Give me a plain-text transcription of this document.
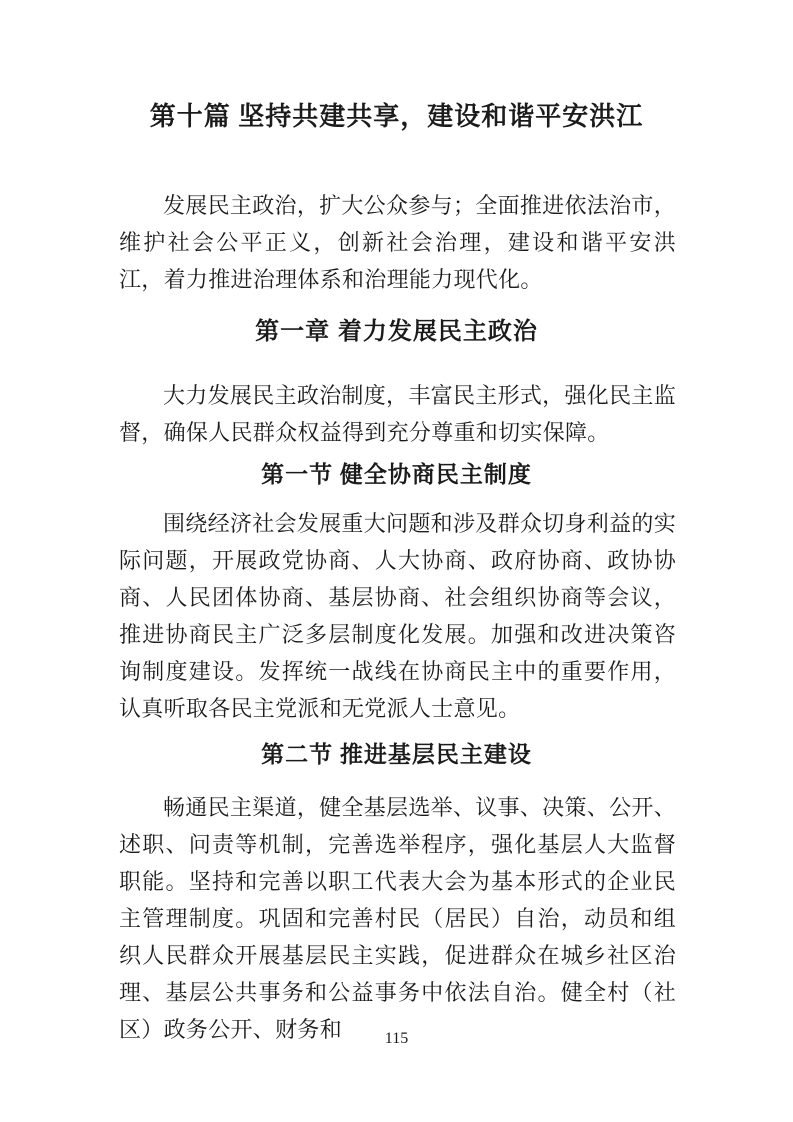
第十篇 坚持共建共享，建设和谐平安洪江
发展民主政治，扩大公众参与；全面推进依法治市，维护社会公平正义，创新社会治理，建设和谐平安洪江，着力推进治理体系和治理能力现代化。
第一章 着力发展民主政治
大力发展民主政治制度，丰富民主形式，强化民主监督，确保人民群众权益得到充分尊重和切实保障。
第一节 健全协商民主制度
围绕经济社会发展重大问题和涉及群众切身利益的实际问题，开展政党协商、人大协商、政府协商、政协协商、人民团体协商、基层协商、社会组织协商等会议，推进协商民主广泛多层制度化发展。加强和改进决策咨询制度建设。发挥统一战线在协商民主中的重要作用，认真听取各民主党派和无党派人士意见。
第二节 推进基层民主建设
畅通民主渠道，健全基层选举、议事、决策、公开、述职、问责等机制，完善选举程序，强化基层人大监督职能。坚持和完善以职工代表大会为基本形式的企业民主管理制度。巩固和完善村民（居民）自治，动员和组织人民群众开展基层民主实践，促进群众在城乡社区治理、基层公共事务和公益事务中依法自治。健全村（社区）政务公开、财务和	115
